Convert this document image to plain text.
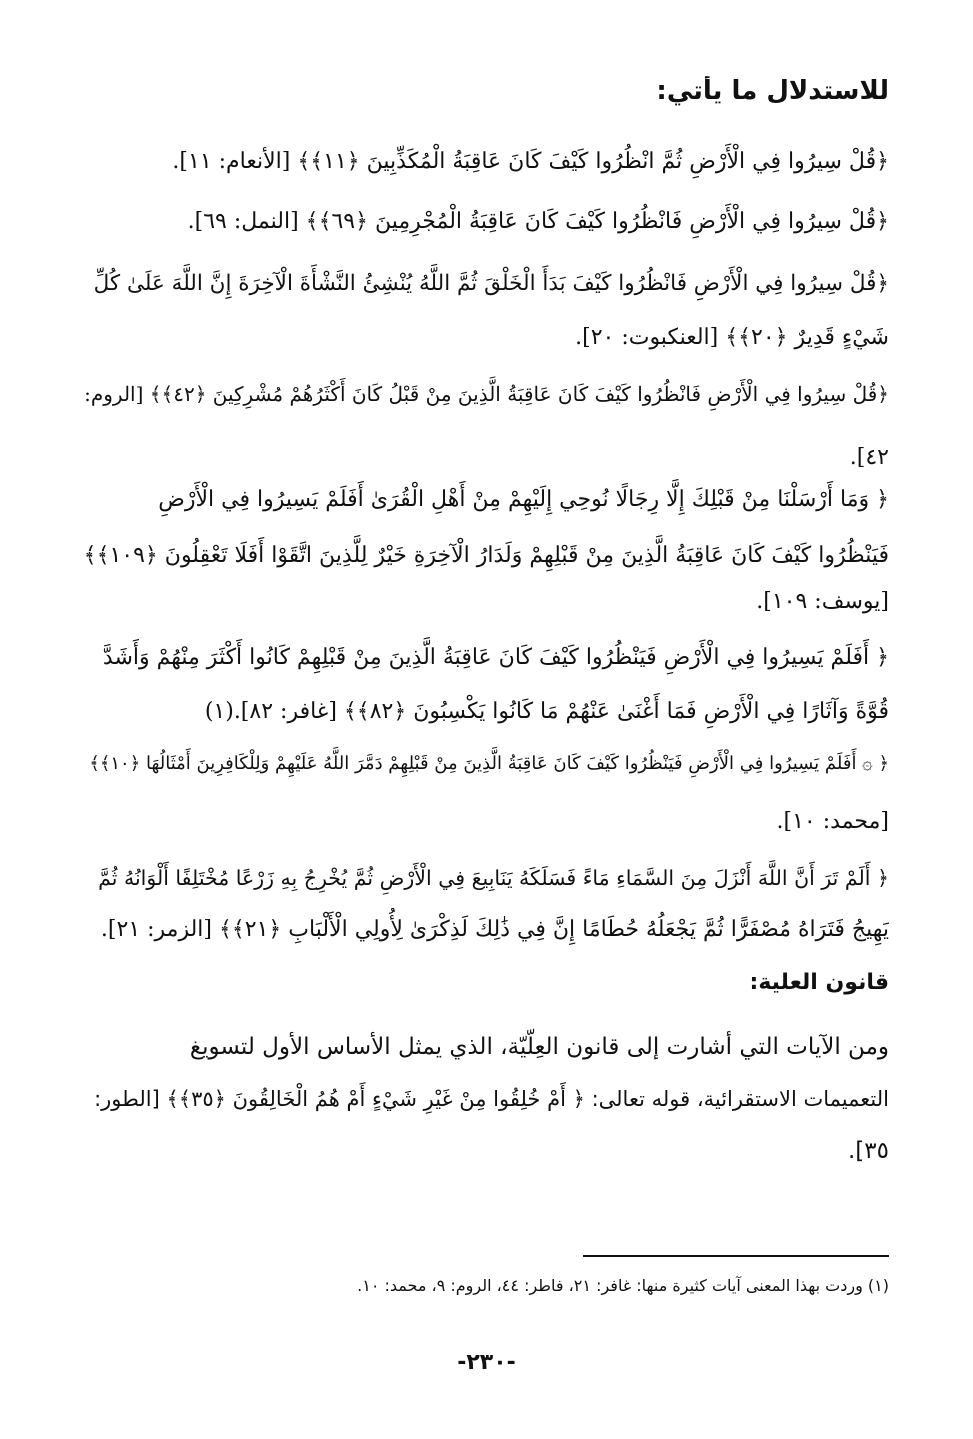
للاستدلال ما يأتي:
﴿قُلْ سِيرُوا فِي الْأَرْضِ ثُمَّ انْظُرُوا كَيْفَ كَانَ عَاقِبَةُ الْمُكَذِّبِينَ ﴿١١﴾﴾ [الأنعام: ١١].
﴿قُلْ سِيرُوا فِي الْأَرْضِ فَانْظُرُوا كَيْفَ كَانَ عَاقِبَةُ الْمُجْرِمِينَ ﴿٦٩﴾﴾ [النمل: ٦٩].
﴿قُلْ سِيرُوا فِي الْأَرْضِ فَانْظُرُوا كَيْفَ بَدَأَ الْخَلْقَ ثُمَّ اللَّهُ يُنْشِئُ النَّشْأَةَ الْآخِرَةَ إِنَّ اللَّهَ عَلَىٰ كُلِّ
شَيْءٍ قَدِيرٌ ﴿٢٠﴾﴾ [العنكبوت: ٢٠].
﴿قُلْ سِيرُوا فِي الْأَرْضِ فَانْظُرُوا كَيْفَ كَانَ عَاقِبَةُ الَّذِينَ مِنْ قَبْلُ كَانَ أَكْثَرُهُمْ مُشْرِكِينَ ﴿٤٢﴾﴾ [الروم:
٤٢].
﴿ وَمَا أَرْسَلْنَا مِنْ قَبْلِكَ إِلَّا رِجَالًا نُوحِي إِلَيْهِمْ مِنْ أَهْلِ الْقُرَىٰ أَفَلَمْ يَسِيرُوا فِي الْأَرْضِ
فَيَنْظُرُوا كَيْفَ كَانَ عَاقِبَةُ الَّذِينَ مِنْ قَبْلِهِمْ وَلَدَارُ الْآخِرَةِ خَيْرٌ لِلَّذِينَ اتَّقَوْا أَفَلَا تَعْقِلُونَ ﴿١٠٩﴾﴾
[يوسف: ١٠٩].
﴿ أَفَلَمْ يَسِيرُوا فِي الْأَرْضِ فَيَنْظُرُوا كَيْفَ كَانَ عَاقِبَةُ الَّذِينَ مِنْ قَبْلِهِمْ كَانُوا أَكْثَرَ مِنْهُمْ وَأَشَدَّ
قُوَّةً وَآثَارًا فِي الْأَرْضِ فَمَا أَغْنَىٰ عَنْهُمْ مَا كَانُوا يَكْسِبُونَ ﴿٨٢﴾﴾ [غافر: ٨٢].(١)
﴿ ۞ أَفَلَمْ يَسِيرُوا فِي الْأَرْضِ فَيَنْظُرُوا كَيْفَ كَانَ عَاقِبَةُ الَّذِينَ مِنْ قَبْلِهِمْ دَمَّرَ اللَّهُ عَلَيْهِمْ وَلِلْكَافِرِينَ أَمْثَالُهَا ﴿١٠﴾﴾
[محمد: ١٠].
﴿ أَلَمْ تَرَ أَنَّ اللَّهَ أَنْزَلَ مِنَ السَّمَاءِ مَاءً فَسَلَكَهُ يَنَابِيعَ فِي الْأَرْضِ ثُمَّ يُخْرِجُ بِهِ زَرْعًا مُخْتَلِفًا أَلْوَانُهُ ثُمَّ
يَهِيجُ فَتَرَاهُ مُصْفَرًّا ثُمَّ يَجْعَلُهُ حُطَامًا إِنَّ فِي ذَٰلِكَ لَذِكْرَىٰ لِأُولِي الْأَلْبَابِ ﴿٢١﴾﴾ [الزمر: ٢١].
قانون العلية:
ومن الآيات التي أشارت إلى قانون العِلّيّة، الذي يمثل الأساس الأول لتسويغ
التعميمات الاستقرائية، قوله تعالى: ﴿ أَمْ خُلِقُوا مِنْ غَيْرِ شَيْءٍ أَمْ هُمُ الْخَالِقُونَ ﴿٣٥﴾﴾ [الطور:
٣٥].
(١) وردت بهذا المعنى آيات كثيرة منها: غافر: ٢١، فاطر: ٤٤، الروم: ٩، محمد: ١٠.
-٢٣٠-
